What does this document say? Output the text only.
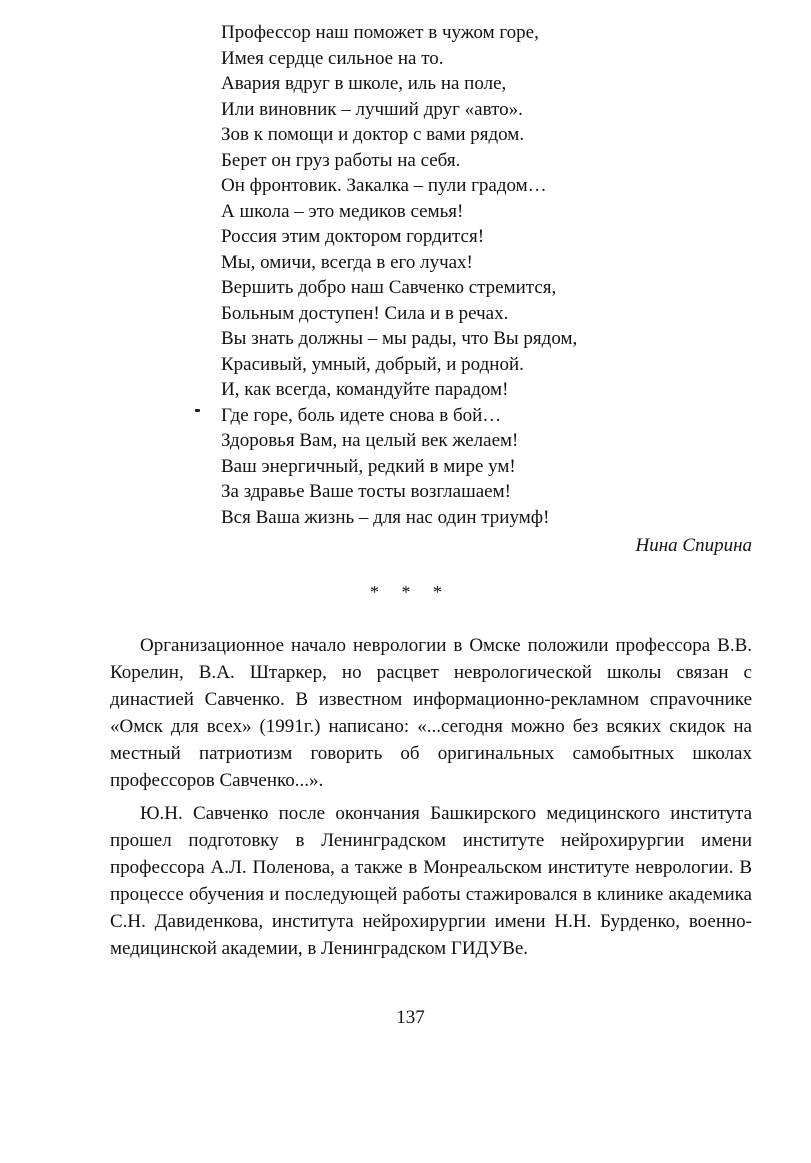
Профессор наш поможет в чужом горе,
Имея сердце сильное на то.
Авария вдруг в школе, иль на поле,
Или виновник – лучший друг «авто».
Зов к помощи и доктор с вами рядом.
Берет он груз работы на себя.
Он фронтовик. Закалка – пули градом…
А школа – это медиков семья!
Россия этим доктором гордится!
Мы, омичи, всегда в его лучах!
Вершить добро наш Савченко стремится,
Больным доступен! Сила и в речах.
Вы знать должны – мы рады, что Вы рядом,
Красивый, умный, добрый, и родной.
И, как всегда, командуйте парадом!
Где горе, боль идете снова в бой…
Здоровья Вам, на целый век желаем!
Ваш энергичный, редкий в мире ум!
За здравье Ваше тосты возглашаем!
Вся Ваша жизнь – для нас один триумф!
Нина Спирина
* * *

Организационное начало неврологии в Омске положили профессора В.В. Корелин, В.А. Штаркер, но расцвет неврологической школы связан с династией Савченко. В известном информационно-рекламном спраvочнике «Омск для всех» (1991г.) написано: «...сегодня можно без всяких скидок на местный патриотизм говорить об оригинальных самобытных школах профессоров Савченко...».

Ю.Н. Савченко после окончания Башкирского медицинского института прошел подготовку в Ленинградском институте нейрохирургии имени профессора А.Л. Поленова, а также в Монреальском институте неврологии. В процессе обучения и последующей работы стажировался в клинике академика С.Н. Давиденкова, института нейрохирургии имени Н.Н. Бурденко, военно-медицинской академии, в Ленинградском ГИДУВе.

137
